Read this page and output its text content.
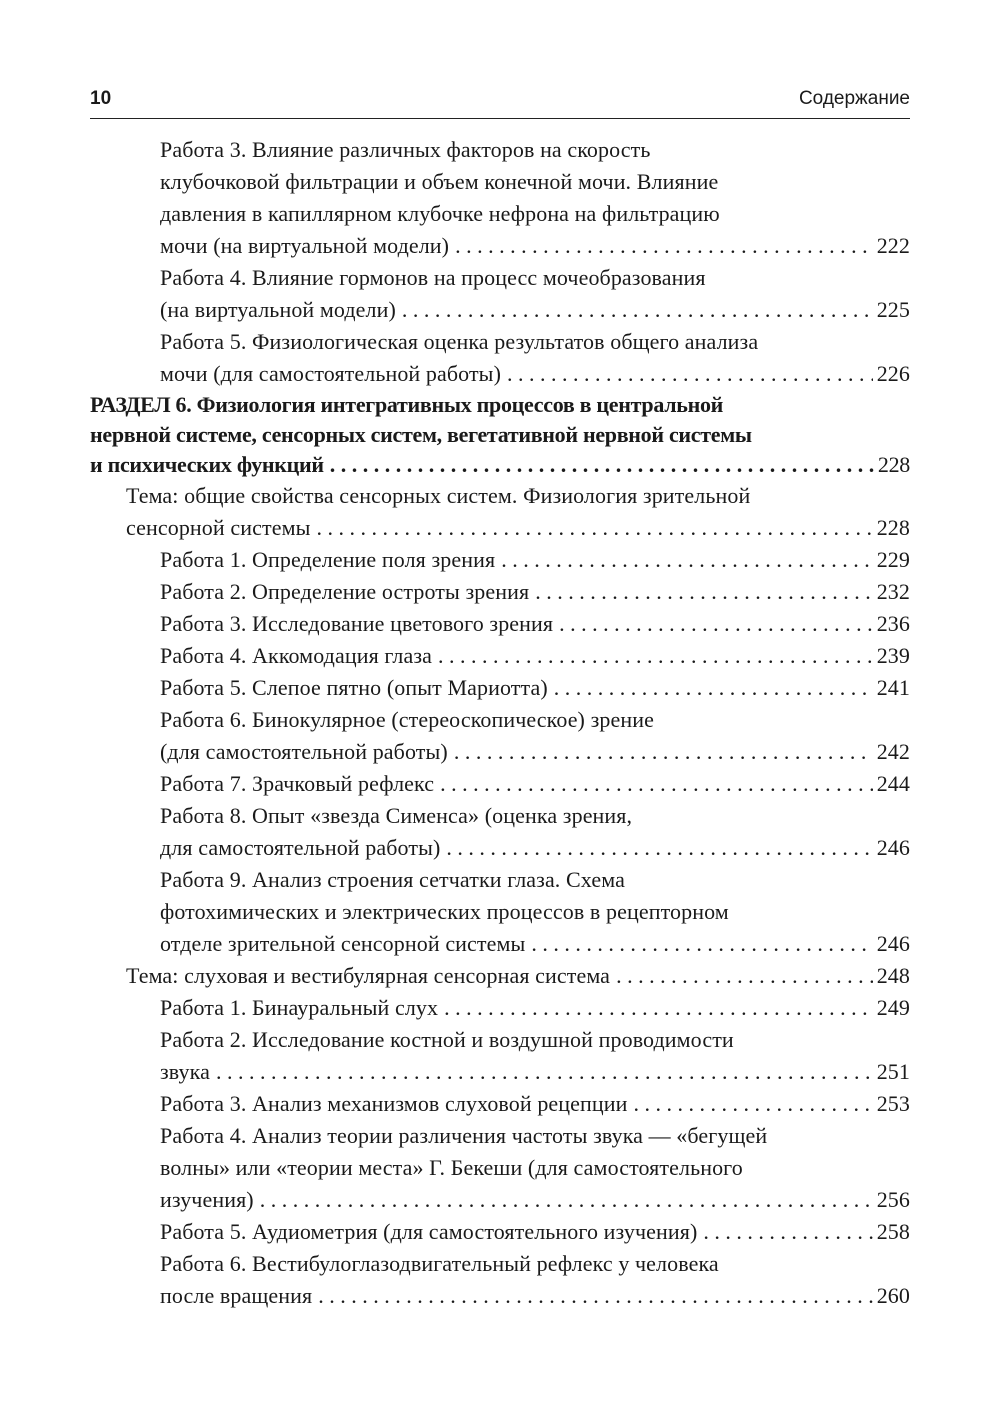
10	Содержание
Работа 3. Влияние различных факторов на скорость
клубочковой фильтрации и объем конечной мочи. Влияние
давления в капиллярном клубочке нефрона на фильтрацию
мочи (на виртуальной модели) . . .	222
Работа 4. Влияние гормонов на процесс мочеобразования
(на виртуальной модели) . . .	225
Работа 5. Физиологическая оценка результатов общего анализа
мочи (для самостоятельной работы) . . .	226
РАЗДЕЛ 6. Физиология интегративных процессов в центральной
нервной системе, сенсорных систем, вегетативной нервной системы
и психических функций . . .	228
Тема: общие свойства сенсорных систем. Физиология зрительной
сенсорной системы . . .	228
Работа 1. Определение поля зрения . . .	229
Работа 2. Определение остроты зрения . . .	232
Работа 3. Исследование цветового зрения . . .	236
Работа 4. Аккомодация глаза . . .	239
Работа 5. Слепое пятно (опыт Мариотта) . . .	241
Работа 6. Бинокулярное (стереоскопическое) зрение
(для самостоятельной работы) . . .	242
Работа 7. Зрачковый рефлекс . . .	244
Работа 8. Опыт «звезда Сименса» (оценка зрения,
для самостоятельной работы) . . .	246
Работа 9. Анализ строения сетчатки глаза. Схема
фотохимических и электрических процессов в рецепторном
отделе зрительной сенсорной системы . . .	246
Тема: слуховая и вестибулярная сенсорная система . . .	248
Работа 1. Бинауральный слух . . .	249
Работа 2. Исследование костной и воздушной проводимости
звука . . .	251
Работа 3. Анализ механизмов слуховой рецепции . . .	253
Работа 4. Анализ теории различения частоты звука — «бегущей
волны» или «теории места» Г. Бекеши (для самостоятельного
изучения) . . .	256
Работа 5. Аудиометрия (для самостоятельного изучения) . . .	258
Работа 6. Вестибулоглазодвигательный рефлекс у человека
после вращения . . .	260
